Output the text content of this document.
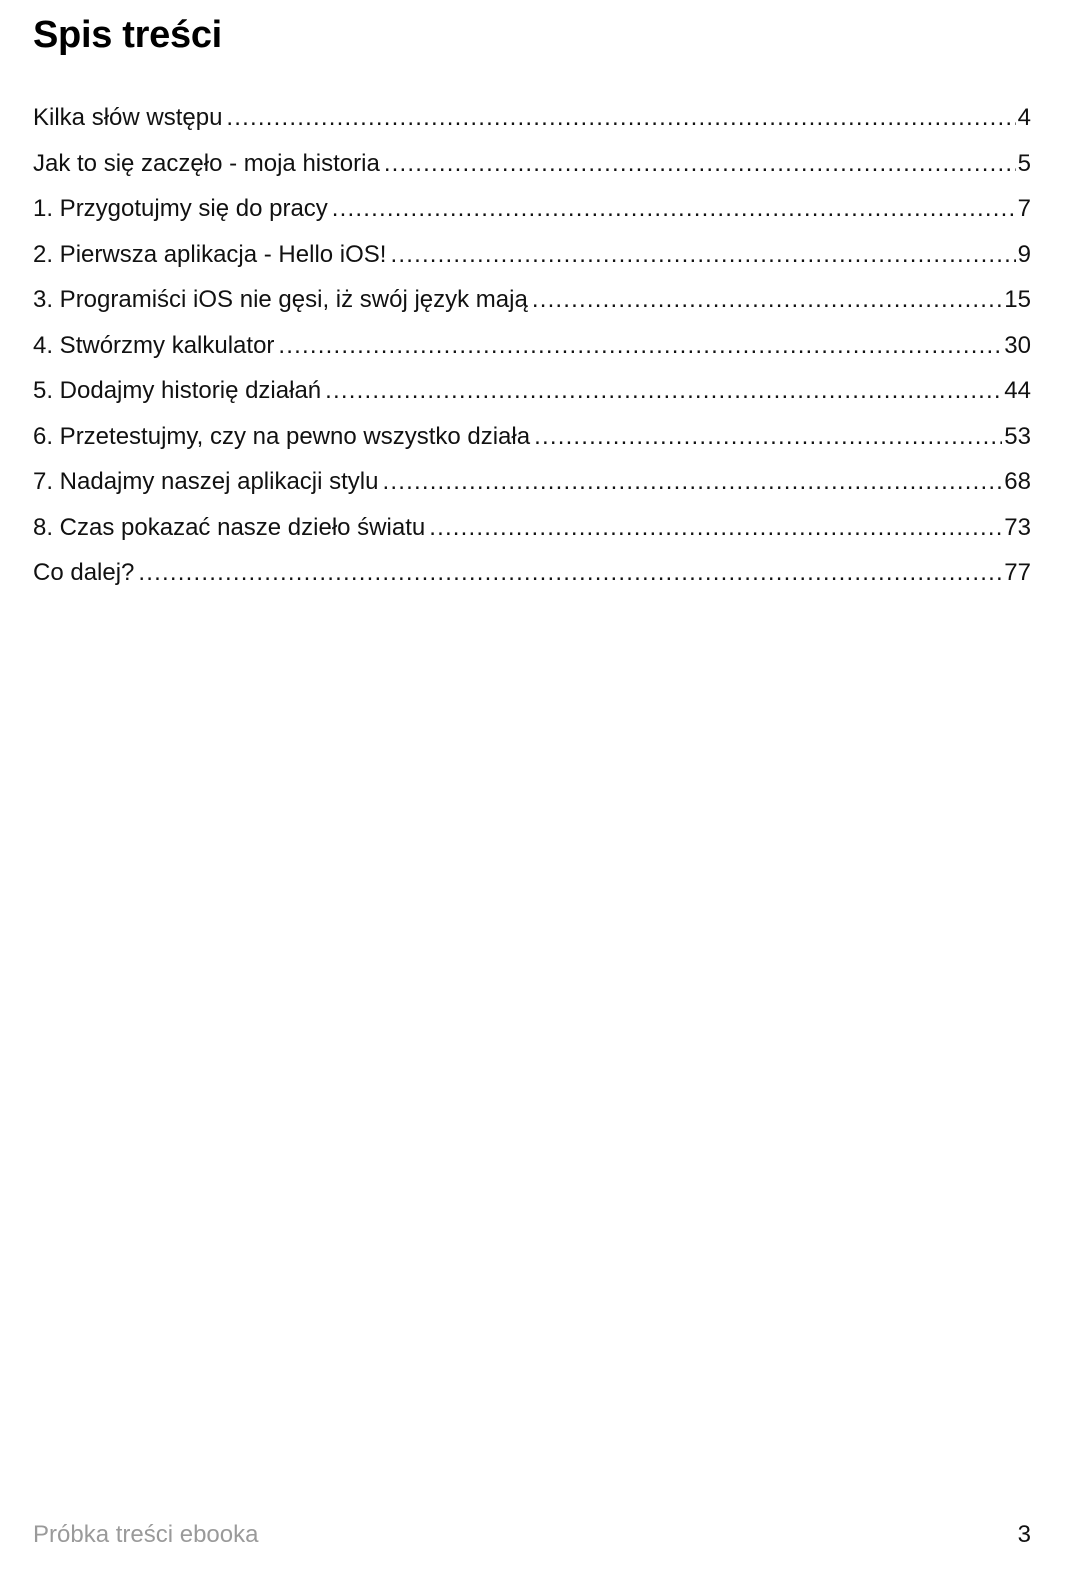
Spis treści
Kilka słów wstępu .....	4
Jak to się zaczęło - moja historia .....	5
1. Przygotujmy się do pracy .....	7
2. Pierwsza aplikacja - Hello iOS! .....	9
3. Programiści iOS nie gęsi, iż swój język mają .....	15
4. Stwórzmy kalkulator .....	30
5. Dodajmy historię działań .....	44
6. Przetestujmy, czy na pewno wszystko działa .....	53
7. Nadajmy naszej aplikacji stylu .....	68
8. Czas pokazać nasze dzieło światu .....	73
Co dalej? .....	77
Próbka treści ebooka	3
